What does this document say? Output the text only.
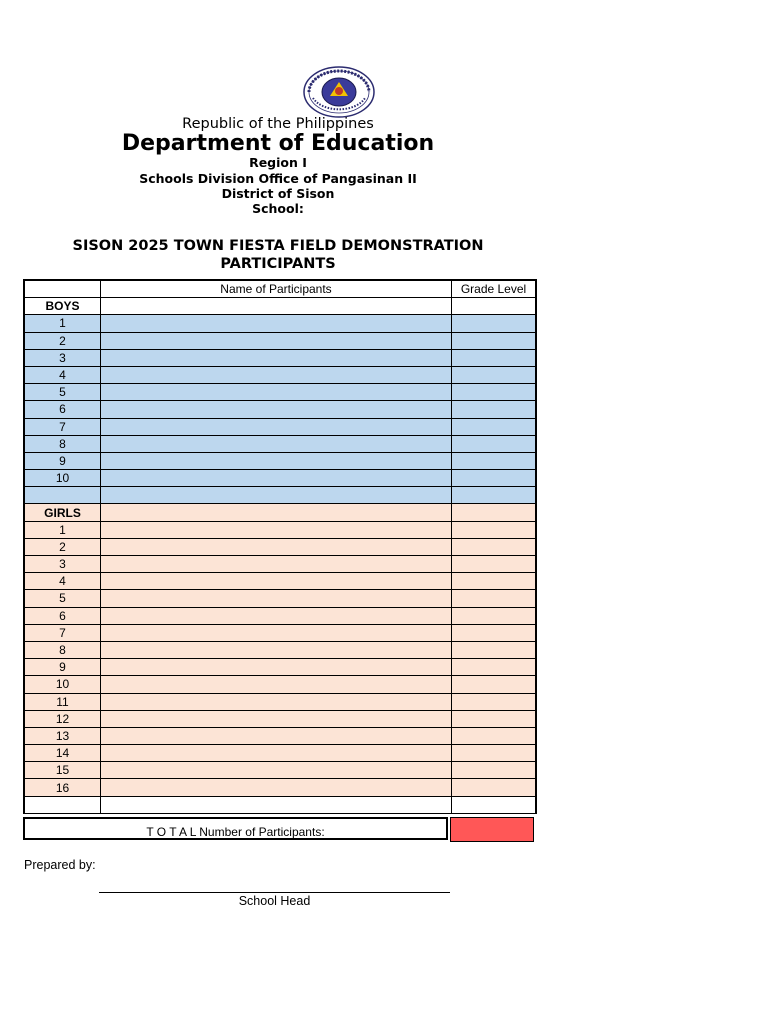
Republic of the Philippines
Department of Education
Region I
Schools Division Office of Pangasinan II
District of Sison
School:
SISON 2025 TOWN FIESTA FIELD DEMONSTRATION
PARTICIPANTS
	Name of Participants	Grade Level
BOYS		
1		
2		
3		
4		
5		
6		
7		
8		
9		
10		

GIRLS		
1		
2		
3		
4		
5		
6		
7		
8		
9		
10		
11		
12		
13		
14		
15		
16		

T O T A L Number of Participants:
Prepared by:
School Head
